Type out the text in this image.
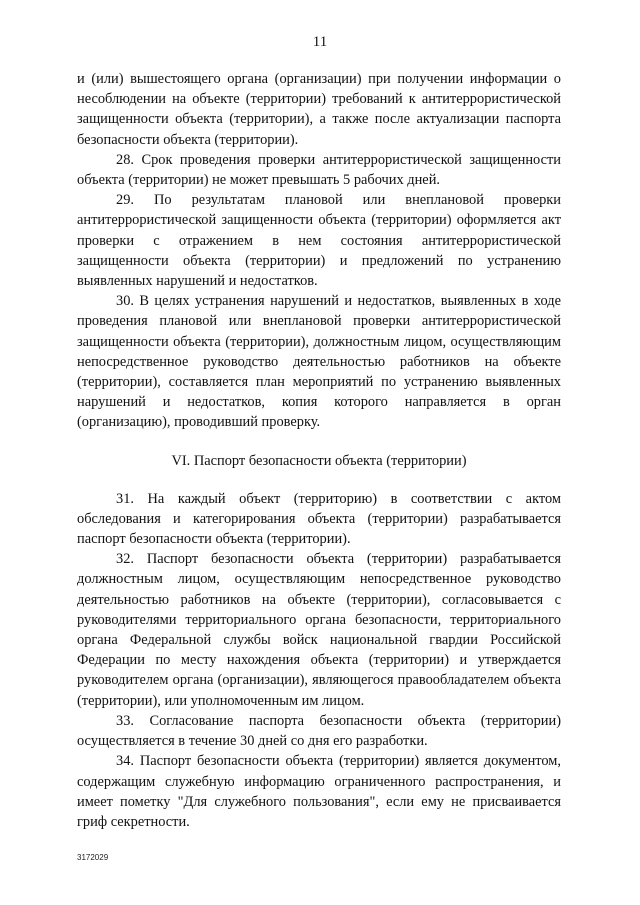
11

и (или) вышестоящего органа (организации) при получении информации о несоблюдении на объекте (территории) требований к антитеррористической защищенности объекта (территории), а также после актуализации паспорта безопасности объекта (территории).

28. Срок проведения проверки антитеррористической защищенности объекта (территории) не может превышать 5 рабочих дней.

29. По результатам плановой или внеплановой проверки антитеррористической защищенности объекта (территории) оформляется акт проверки с отражением в нем состояния антитеррористической защищенности объекта (территории) и предложений по устранению выявленных нарушений и недостатков.

30. В целях устранения нарушений и недостатков, выявленных в ходе проведения плановой или внеплановой проверки антитеррористической защищенности объекта (территории), должностным лицом, осуществляющим непосредственное руководство деятельностью работников на объекте (территории), составляется план мероприятий по устранению выявленных нарушений и недостатков, копия которого направляется в орган (организацию), проводивший проверку.

VI. Паспорт безопасности объекта (территории)

31. На каждый объект (территорию) в соответствии с актом обследования и категорирования объекта (территории) разрабатывается паспорт безопасности объекта (территории).

32. Паспорт безопасности объекта (территории) разрабатывается должностным лицом, осуществляющим непосредственное руководство деятельностью работников на объекте (территории), согласовывается с руководителями территориального органа безопасности, территориального органа Федеральной службы войск национальной гвардии Российской Федерации по месту нахождения объекта (территории) и утверждается руководителем органа (организации), являющегося правообладателем объекта (территории), или уполномоченным им лицом.

33. Согласование паспорта безопасности объекта (территории) осуществляется в течение 30 дней со дня его разработки.

34. Паспорт безопасности объекта (территории) является документом, содержащим служебную информацию ограниченного распространения, и имеет пометку "Для служебного пользования", если ему не присваивается гриф секретности.

3172029
